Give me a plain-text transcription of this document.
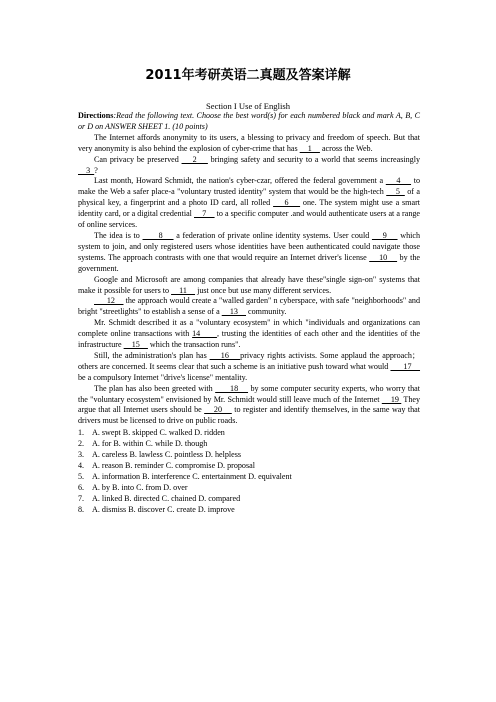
2011年考研英语二真题及答案详解
Section I Use of English

Directions:Read the following text. Choose the best word(s) for each numbered black and mark A, B, C or D on ANSWER SHEET 1. (10 points)

The Internet affords anonymity to its users, a blessing to privacy and freedom of speech. But that very anonymity is also behind the explosion of cyber-crime that has     1     across the Web.

Can privacy be preserved     2     bringing safety and security to a world that seems increasingly     3  ?

Last month, Howard Schmidt, the nation's cyber-czar, offered the federal government a     4     to make the Web a safer place-a "voluntary trusted identity" system that would be the high-tech     5   of a physical key, a fingerprint and a photo ID card, all rolled     6     one. The system might use a smart identity card, or a digital credential     7     to a specific computer .and would authenticate users at a range of online services.

The idea is to       8     a federation of private online identity systems. User could     9     which system to join, and only registered users whose identities have been authenticated could navigate those systems. The approach contrasts with one that would require an Internet driver's license     10     by the government.

Google and Microsoft are among companies that already have these"single sign-on" systems that make it possible for users to     11     just once but use many different services.

12     the approach would create a "walled garden" n cyberspace, with safe "neighborhoods" and bright "streetlights" to establish a sense of a     13     community.

Mr. Schmidt described it as a "voluntary ecosystem" in which "individuals and organizations can complete online transactions with 14      , trusting the identities of each other and the identities of the infrastructure     15     which the transaction runs".

Still, the administration's plan has     16    privacy rights activists. Some applaud the approach； others are concerned. It seems clear that such a scheme is an initiative push toward what would       17     be a compulsory Internet "drive's license" mentality.

The plan has also been greeted with       18     by some computer security experts, who worry that the "voluntary ecosystem" envisioned by Mr. Schmidt would still leave much of the Internet     19  They argue that all Internet users should be     20     to register and identify themselves, in the same way that drivers must be licensed to drive on public roads.

1. A. swept B. skipped C. walked D. ridden
2. A. for B. within C. while D. though
3. A. careless B. lawless C. pointless D. helpless
4. A. reason B. reminder C. compromise D. proposal
5. A. information B. interference C. entertainment D. equivalent
6. A. by B. into C. from D. over
7. A. linked B. directed C. chained D. compared
8. A. dismiss B. discover C. create D. improve
